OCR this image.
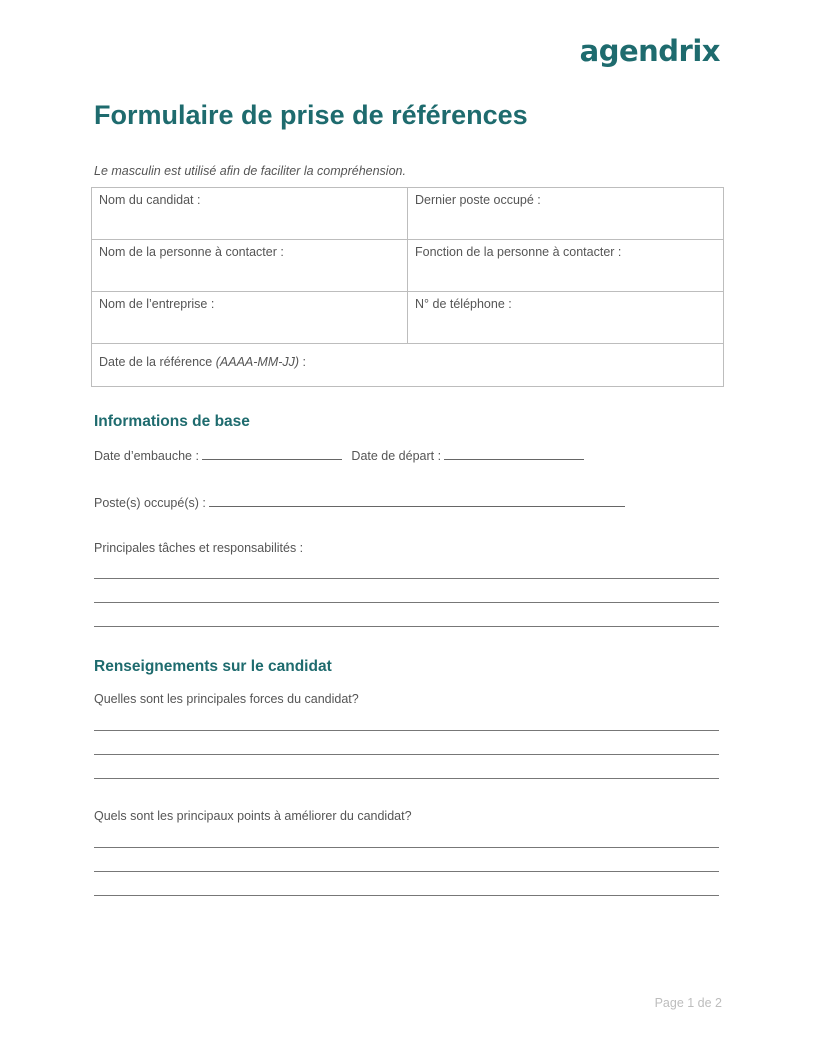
agendrix
Formulaire de prise de références
Le masculin est utilisé afin de faciliter la compréhension.
Nom du candidat :	Dernier poste occupé :
Nom de la personne à contacter :	Fonction de la personne à contacter :
Nom de l’entreprise :	N° de téléphone :
Date de la référence (AAAA-MM-JJ) :	
Informations de base
Date d’embauche :	Date de départ :
Poste(s) occupé(s) :
Principales tâches et responsabilités :
Renseignements sur le candidat
Quelles sont les principales forces du candidat?
Quels sont les principaux points à améliorer du candidat?
Page 1 de 2
